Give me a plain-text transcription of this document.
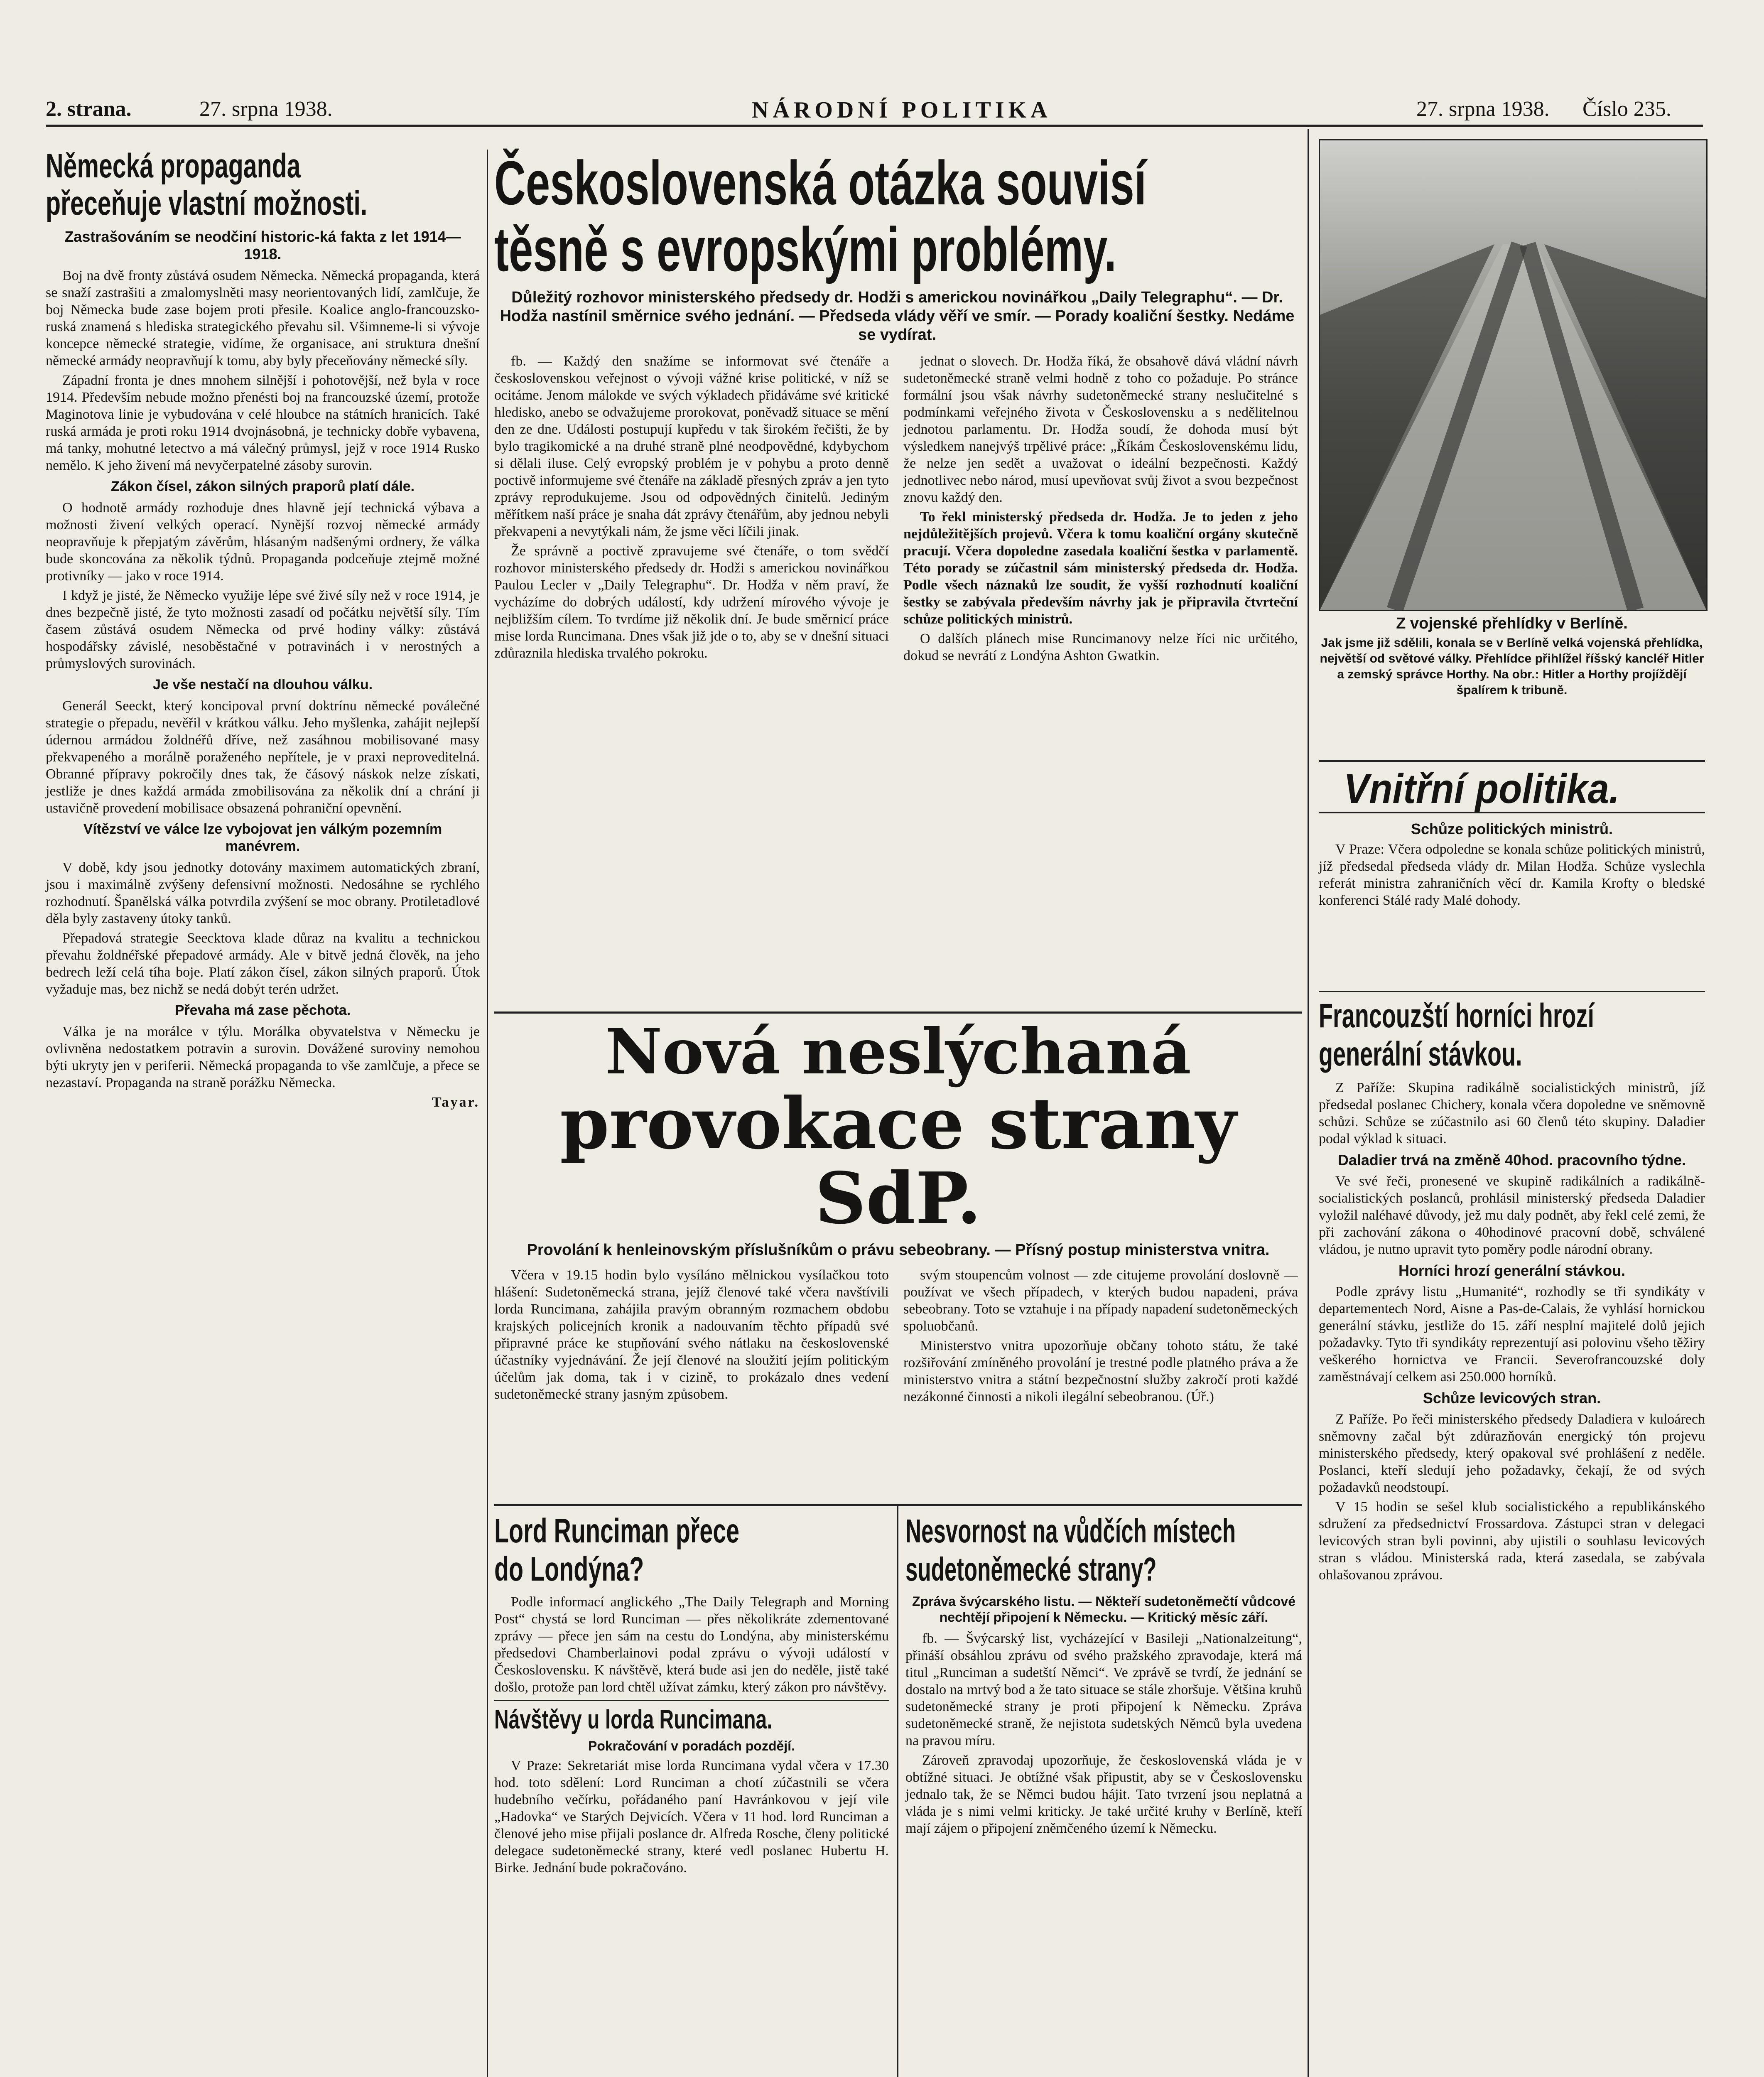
2. strana.	27. srpna 1938.	NÁRODNÍ POLITIKA	27. srpna 1938. Číslo 235.
Německá propaganda
přeceňuje vlastní možnosti.
Zastrašováním se neodčiní historic-ká fakta z let 1914—1918.

Boj na dvě fronty zůstává osudem Německa. Německá propaganda, která se snaží zastrašiti a zmalomyslněti masy neorientovaných lidí, zamlčuje, že boj Německa bude zase bojem proti přesile. Koalice anglo-francouzsko-ruská znamená s hlediska strategického převahu sil. Všimneme-li si vývoje koncepce německé strategie, vidíme, že organisace, ani struktura dnešní německé armády neopravňují k tomu, aby byly přeceňovány německé síly.

Západní fronta je dnes mnohem silnější i pohotovější, než byla v roce 1914. Především nebude možno přenésti boj na francouzské území, protože Maginotova linie je vybudována v celé hloubce na státních hranicích. Také ruská armáda je proti roku 1914 dvojnásobná, je technicky dobře vybavena, má tanky, mohutné letectvo a má válečný průmysl, jejž v roce 1914 Rusko nemělo. K jeho živení má nevyčerpatelné zásoby surovin.

Zákon čísel, zákon silných praporů platí dále.

O hodnotě armády rozhoduje dnes hlavně její technická výbava a možnosti živení velkých operací. Nynější rozvoj německé armády neopravňuje k přepjatým závěrům, hlásaným nadšenými ordnery, že válka bude skoncována za několik týdnů. Propaganda podceňuje ztejmě možné protivníky — jako v roce 1914.

I když je jisté, že Německo využije lépe své živé síly než v roce 1914, je dnes bezpečně jisté, že tyto možnosti zasadí od počátku největší síly. Tím časem zůstává osudem Německa od prvé hodiny války: zůstává hospodářsky závislé, nesoběstačné v potravinách i v nerostných a průmyslových surovinách.

Je vše nestačí na dlouhou válku.

Generál Seeckt, který koncipoval první doktrínu německé poválečné strategie o přepadu, nevěřil v krátkou válku. Jeho myšlenka, zahájit nejlepší údernou armádou žoldnéřů dříve, než zasáhnou mobilisované masy překvapeného a morálně poraženého nepřítele, je v praxi neproveditelná. Obranné přípravy pokročily dnes tak, že čásový náskok nelze získati, jestliže je dnes každá armáda zmobilisována za několik dní a chrání ji ustavičně provedení mobilisace obsazená pohraniční opevnění.

Vítězství ve válce lze vybojovat jen válkým pozemním manévrem.

V době, kdy jsou jednotky dotovány maximem automatických zbraní, jsou i maximálně zvýšeny defensivní možnosti. Nedosáhne se rychlého rozhodnutí. Španělská válka potvrdila zvýšení se moc obrany. Protiletadlové děla byly zastaveny útoky tanků.

Přepadová strategie Seecktova klade důraz na kvalitu a technickou převahu žoldnéřské přepadové armády. Ale v bitvě jedná člověk, na jeho bedrech leží celá tíha boje. Platí zákon čísel, zákon silných praporů. Útok vyžaduje mas, bez nichž se nedá dobýt terén udržet.

Převaha má zase pěchota.

Válka je na morálce v týlu. Morálka obyvatelstva v Německu je ovlivněna nedostatkem potravin a surovin. Dovážené suroviny nemohou býti ukryty jen v periferii. Německá propaganda to vše zamlčuje, a přece se nezastaví. Propaganda na straně porážku Německa.

Tayar.
Československá otázka souvisí
těsně s evropskými problémy.
Důležitý rozhovor ministerského předsedy dr. Hodži s americkou novinářkou „Daily Telegraphu“. — Dr. Hodža nastínil směrnice svého jednání. — Předseda vlády věří ve smír. — Porady koaliční šestky. Nedáme se vydírat.

fb. — Každý den snažíme se informovat své čtenáře a československou veřejnost o vývoji vážné krise politické, v níž se ocitáme. Jenom málokde ve svých výkladech přidáváme své kritické hledisko, anebo se odvažujeme prorokovat, poněvadž situace se mění den ze dne. Události postupují kupředu v tak širokém řečišti, že by bylo tragikomické a na druhé straně plné neodpovědné, kdybychom si dělali iluse. Celý evropský problém je v pohybu a proto denně poctivě informujeme své čtenáře na základě přesných zpráv a jen tyto zprávy reprodukujeme. Jsou od odpovědných činitelů. Jediným měřítkem naší práce je snaha dát zprávy čtenářům, aby jednou nebyli překvapeni a nevytýkali nám, že jsme věci líčili jinak.

Že správně a poctivě zpravujeme své čtenáře, o tom svědčí rozhovor ministerského předsedy dr. Hodži s americkou novinářkou Paulou Lecler v „Daily Telegraphu“. Dr. Hodža v něm praví, že vycházíme do dobrých událostí, kdy udržení mírového vývoje je nejbližším cílem. To tvrdíme již několik dní. Je bude směrnicí práce mise lorda Runcimana. Dnes však již jde o to, aby se v dnešní situaci zdůraznila hlediska trvalého pokroku.

jednat o slovech. Dr. Hodža říká, že obsahově dává vládní návrh sudetoněmecké straně velmi hodně z toho co požaduje. Po stránce formální jsou však návrhy sudetoněmecké strany neslučitelné s podmínkami veřejného života v Československu a s nedělitelnou jednotou parlamentu. Dr. Hodža soudí, že dohoda musí být výsledkem nanejvýš trpělivé práce: „Říkám Československému lidu, že nelze jen sedět a uvažovat o ideální bezpečnosti. Každý jednotlivec nebo národ, musí upevňovat svůj život a svou bezpečnost znovu každý den.

To řekl ministerský předseda dr. Hodža. Je to jeden z jeho nejdůležitějších projevů. Včera k tomu koaliční orgány skutečně pracují. Včera dopoledne zasedala koaliční šestka v parlamentě. Této porady se zúčastnil sám ministerský předseda dr. Hodža. Podle všech náznaků lze soudit, že vyšší rozhodnutí koaliční šestky se zabývala především návrhy jak je připravila čtvrteční schůze politických ministrů.

O dalších plánech mise Runcimanovy nelze říci nic určitého, dokud se nevrátí z Londýna Ashton Gwatkin.

Z vojenské přehlídky v Berlíně.
Jak jsme již sdělili, konala se v Berlíně velká vojenská přehlídka, největší od světové války. Přehlídce přihlížel říšský kancléř Hitler a zemský správce Horthy. Na obr.: Hitler a Horthy projíždějí špalírem k tribuně.
Vnitřní politika.
Schůze politických ministrů.

V Praze: Včera odpoledne se konala schůze politických ministrů, jíž předsedal předseda vlády dr. Milan Hodža. Schůze vyslechla referát ministra zahraničních věcí dr. Kamila Krofty o bledské konferenci Stálé rady Malé dohody.

Francouzští horníci hrozí
generální stávkou.

Z Paříže: Skupina radikálně socialistických ministrů, jíž předsedal poslanec Chichery, konala včera dopoledne ve sněmovně schůzi. Schůze se zúčastnilo asi 60 členů této skupiny. Daladier podal výklad k situaci.

Daladier trvá na změně 40hod. pracovního týdne.

Ve své řeči, pronesené ve skupině radikálních a radikálně-socialistických poslanců, prohlásil ministerský předseda Daladier vyložil naléhavé důvody, jež mu daly podnět, aby řekl celé zemi, že při zachování zákona o 40hodinové pracovní době, schválené vládou, je nutno upravit tyto poměry podle národní obrany.

Horníci hrozí generální stávkou.

Podle zprávy listu „Humanité“, rozhodly se tři syndikáty v departementech Nord, Aisne a Pas-de-Calais, že vyhlásí hornickou generální stávku, jestliže do 15. září nesplní majitelé dolů jejich požadavky. Tyto tři syndikáty reprezentují asi polovinu všeho těžiry veškerého hornictva ve Francii. Severofrancouzské doly zaměstnávají celkem asi 250.000 horníků.

Schůze levicových stran.

Z Paříže. Po řeči ministerského předsedy Daladiera v kuloárech sněmovny začal být zdůrazňován energický tón projevu ministerského předsedy, který opakoval své prohlášení z neděle. Poslanci, kteří sledují jeho požadavky, čekají, že od svých požadavků neodstoupí.

V 15 hodin se sešel klub socialistického a republikánského sdružení za předsednictví Frossardova. Zástupci stran v delegaci levicových stran byli povinni, aby ujistili o souhlasu levicových stran s vládou. Ministerská rada, která zasedala, se zabývala ohlašovanou zprávou.

Nová neslýchaná
provokace strany SdP.
Provolání k henleinovským příslušníkům o právu sebeobrany. — Přísný postup ministerstva vnitra.

Včera v 19.15 hodin bylo vysíláno mělnickou vysílačkou toto hlášení: Sudetoněmecká strana, jejíž členové také včera navštívili lorda Runcimana, zahájila pravým obranným rozmachem obdobu krajských policejních kronik a nadouvaním těchto případů své připravné práce ke stupňování svého nátlaku na československé účastníky vyjednávání. Že její členové na sloužití jejím politickým účelům jak doma, tak i v cizině, to prokázalo dnes vedení sudetoněmecké strany jasným způsobem.

svým stoupencům volnost — zde citujeme provolání doslovně — používat ve všech případech, v kterých budou napadeni, práva sebeobrany. Toto se vztahuje i na případy napadení sudetoněmeckých spoluobčanů.

Ministerstvo vnitra upozorňuje občany tohoto státu, že také rozšiřování zmíněného provolání je trestné podle platného práva a že ministerstvo vnitra a státní bezpečnostní služby zakročí proti každé nezákonné činnosti a nikoli ilegální sebeobranou. (Úř.)

Lord Runciman přece
do Londýna?

Podle informací anglického „The Daily Telegraph and Morning Post“ chystá se lord Runciman — přes několikráte zdementované zprávy — přece jen sám na cestu do Londýna, aby ministerskému předsedovi Chamberlainovi podal zprávu o vývoji událostí v Československu. K návštěvě, která bude asi jen do neděle, jistě také došlo, protože pan lord chtěl užívat zámku, který zákon pro návštěvy.

Návštěvy u lorda Runcimana.
Pokračování v poradách pozdějí.

V Praze: Sekretariát mise lorda Runcimana vydal včera v 17.30 hod. toto sdělení: Lord Runciman a chotí zúčastnili se včera hudebního večírku, pořádaného paní Havránkovou v její vile „Hadovka“ ve Starých Dejvicích. Včera v 11 hod. lord Runciman a členové jeho mise přijali poslance dr. Alfreda Rosche, členy politické delegace sudetoněmecké strany, které vedl poslanec Hubertu H. Birke. Jednání bude pokračováno.

Nesvornost na vůdčích místech
sudetoněmecké strany?
Zpráva švýcarského listu. — Někteří sudetoněmečtí vůdcové nechtějí připojení k Německu. — Kritický měsíc září.

fb. — Švýcarský list, vycházející v Basileji „Nationalzeitung“, přináší obsáhlou zprávu od svého pražského zpravodaje, která má titul „Runciman a sudetští Němci“. Ve zprávě se tvrdí, že jednání se dostalo na mrtvý bod a že tato situace se stále zhoršuje. Většina kruhů sudetoněmecké strany je proti připojení k Německu. Zpráva sudetoněmecké straně, že nejistota sudetských Němců byla uvedena na pravou míru.

Zároveň zpravodaj upozorňuje, že československá vláda je v obtížné situaci. Je obtížné však připustit, aby se v Československu jednalo tak, že se Němci budou hájit. Tato tvrzení jsou neplatná a vláda je s nimi velmi kriticky. Je také určité kruhy v Berlíně, kteří mají zájem o připojení zněmčeného území k Německu.
